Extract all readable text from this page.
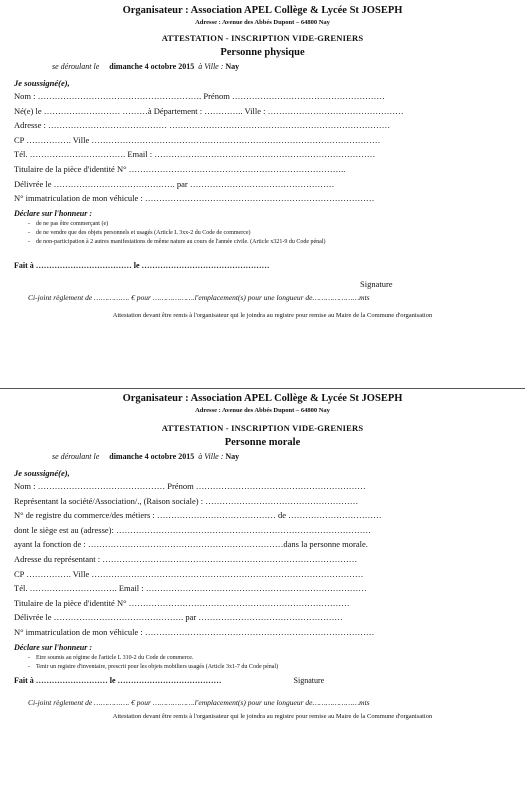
Organisateur : Association APEL Collège & Lycée St JOSEPH
Adresse : Avenue des Abbés Dupont – 64800 Nay
ATTESTATION - INSCRIPTION VIDE-GRENIERS
Personne physique
se déroulant le dimanche 4 octobre 2015 à Ville : Nay
Je soussigné(e),
Nom : …………………………………………………. Prénom ………………………………………………
Né(e) le ……………………… ………à Département : ………….. Ville : …………………………………………
Adresse : …………………………………… ……………………………………………………………………
CP ……………. Ville …………………………………………………………………………………………
Tél. ……………………………. Email : ……………………………………………………………………
Titulaire de la pièce d'identité N° …………………………………………………………………..
Délivrée le ……………………………………. par ……………………………………………
N° immatriculation de mon véhicule : ………………………………………………………………………
Déclare sur l'honneur :
- de ne pas être commerçant (e)
- de ne vendre que des objets personnels et usagés (Article L 3xx-2 du Code de commerce)
- de non-participation à 2 autres manifestations de même nature au cours de l'année civile. (Article x321-9 du Code pénal)
Fait à ……………………………… le …………………………………………
Signature
Ci-joint règlement de ……………. € pour ……………….l'emplacement(s) pour une longueur de…………………mts
Attestation devant être remis à l'organisateur qui le joindra au registre pour remise au Maire de la Commune d'organisation
Organisateur : Association APEL Collège & Lycée St JOSEPH
Adresse : Avenue des Abbés Dupont – 64800 Nay
ATTESTATION - INSCRIPTION VIDE-GRENIERS
Personne morale
se déroulant le dimanche 4 octobre 2015 à Ville : Nay
Je soussigné(e),
Nom : ……………………………………… Prénom ……………………………………………………
Représentant la société/Association/., (Raison sociale) : ………………………………………………
N° de registre du commerce/des métiers : …………………………………… de ……………………………
dont le siège est au (adresse): ………………………………………………………………………………
ayant la fonction de : ……………………………………………………………dans la personne morale.
Adresse du représentant : ………………………………………………………………………………
CP ……………. Ville ……………………………………………………………………………………
Tél. …………………………. Email : ……………………………………………………………………
Titulaire de la pièce d'identité N° ……………………………………………………………………
Délivrée le ………………………………………. par ……………………………………………
N° immatriculation de mon véhicule : ………………………………………………………………………
Déclare sur l'honneur :
- Etre soumis au régime de l'article L 310-2 du Code de commerce.
- Tenir un registre d'inventaire, prescrit pour les objets mobiliers usagés (Article 3x1-7 du Code pénal)
Fait à ……………………… le …………………………………	Signature
Ci-joint règlement de ……………. € pour ……………….l'emplacement(s) pour une longueur de…………………mts
Attestation devant être remis à l'organisateur qui le joindra au registre pour remise au Maire de la Commune d'organisation
